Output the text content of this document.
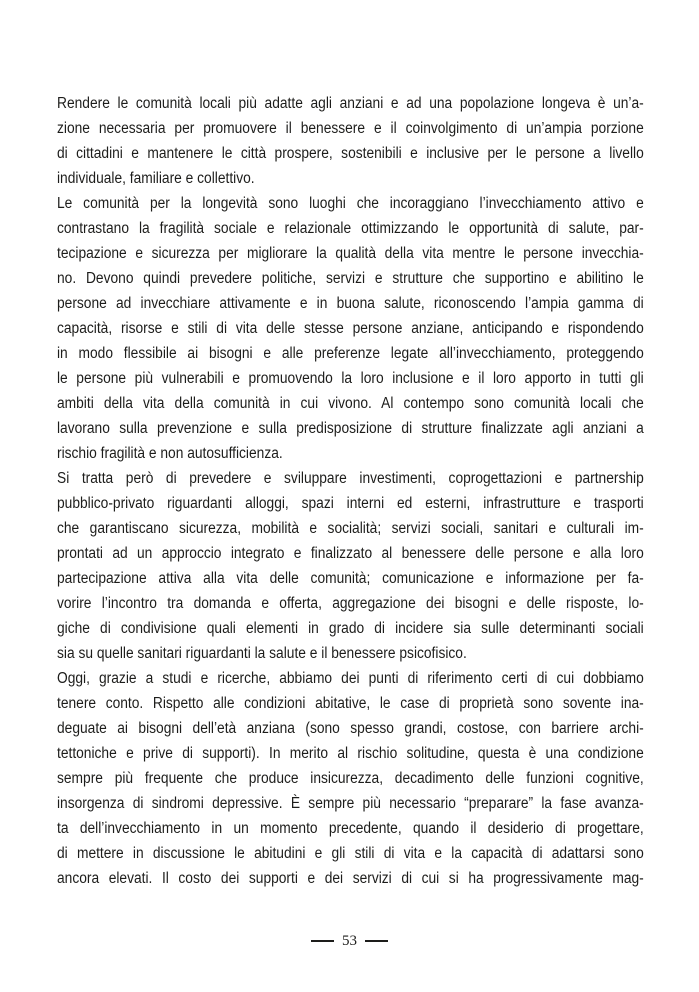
Rendere le comunità locali più adatte agli anziani e ad una popolazione longeva è un’a-
zione necessaria per promuovere il benessere e il coinvolgimento di un’ampia porzione
di cittadini e mantenere le città prospere, sostenibili e inclusive per le persone a livello
individuale, familiare e collettivo.
Le comunità per la longevità sono luoghi che incoraggiano l’invecchiamento attivo e
contrastano la fragilità sociale e relazionale ottimizzando le opportunità di salute, par-
tecipazione e sicurezza per migliorare la qualità della vita mentre le persone invecchia-
no. Devono quindi prevedere politiche, servizi e strutture che supportino e abilitino le
persone ad invecchiare attivamente e in buona salute, riconoscendo l’ampia gamma di
capacità, risorse e stili di vita delle stesse persone anziane, anticipando e rispondendo
in modo flessibile ai bisogni e alle preferenze legate all’invecchiamento, proteggendo
le persone più vulnerabili e promuovendo la loro inclusione e il loro apporto in tutti gli
ambiti della vita della comunità in cui vivono. Al contempo sono comunità locali che
lavorano sulla prevenzione e sulla predisposizione di strutture finalizzate agli anziani a
rischio fragilità e non autosufficienza.
Si tratta però di prevedere e sviluppare investimenti, coprogettazioni e partnership
pubblico-privato riguardanti alloggi, spazi interni ed esterni, infrastrutture e trasporti
che garantiscano sicurezza, mobilità e socialità; servizi sociali, sanitari e culturali im-
prontati ad un approccio integrato e finalizzato al benessere delle persone e alla loro
partecipazione attiva alla vita delle comunità; comunicazione e informazione per fa-
vorire l’incontro tra domanda e offerta, aggregazione dei bisogni e delle risposte, lo-
giche di condivisione quali elementi in grado di incidere sia sulle determinanti sociali
sia su quelle sanitari riguardanti la salute e il benessere psicofisico.
Oggi, grazie a studi e ricerche, abbiamo dei punti di riferimento certi di cui dobbiamo
tenere conto. Rispetto alle condizioni abitative, le case di proprietà sono sovente ina-
deguate ai bisogni dell’età anziana (sono spesso grandi, costose, con barriere archi-
tettoniche e prive di supporti). In merito al rischio solitudine, questa è una condizione
sempre più frequente che produce insicurezza, decadimento delle funzioni cognitive,
insorgenza di sindromi depressive. È sempre più necessario “preparare” la fase avanza-
ta dell’invecchiamento in un momento precedente, quando il desiderio di progettare,
di mettere in discussione le abitudini e gli stili di vita e la capacità di adattarsi sono
ancora elevati. Il costo dei supporti e dei servizi di cui si ha progressivamente mag-
53
